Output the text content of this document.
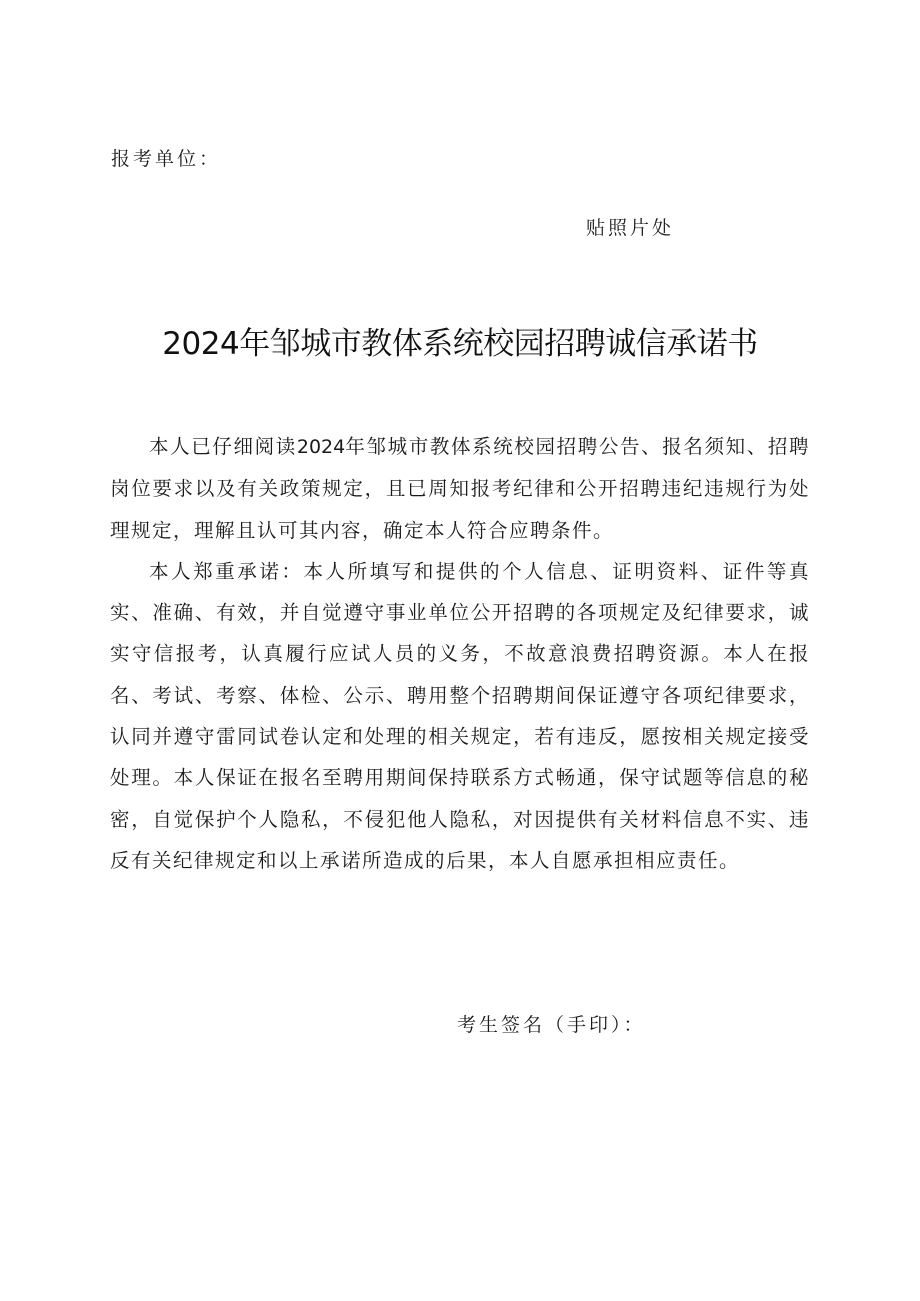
报考单位：
贴照片处
2024年邹城市教体系统校园招聘诚信承诺书

本人已仔细阅读2024年邹城市教体系统校园招聘公告、报名须知、招聘岗位要求以及有关政策规定，且已周知报考纪律和公开招聘违纪违规行为处理规定，理解且认可其内容，确定本人符合应聘条件。

本人郑重承诺：本人所填写和提供的个人信息、证明资料、证件等真实、准确、有效，并自觉遵守事业单位公开招聘的各项规定及纪律要求，诚实守信报考，认真履行应试人员的义务，不故意浪费招聘资源。本人在报名、考试、考察、体检、公示、聘用整个招聘期间保证遵守各项纪律要求，认同并遵守雷同试卷认定和处理的相关规定，若有违反，愿按相关规定接受处理。本人保证在报名至聘用期间保持联系方式畅通，保守试题等信息的秘密，自觉保护个人隐私，不侵犯他人隐私，对因提供有关材料信息不实、违反有关纪律规定和以上承诺所造成的后果，本人自愿承担相应责任。

考生签名（手印）：
